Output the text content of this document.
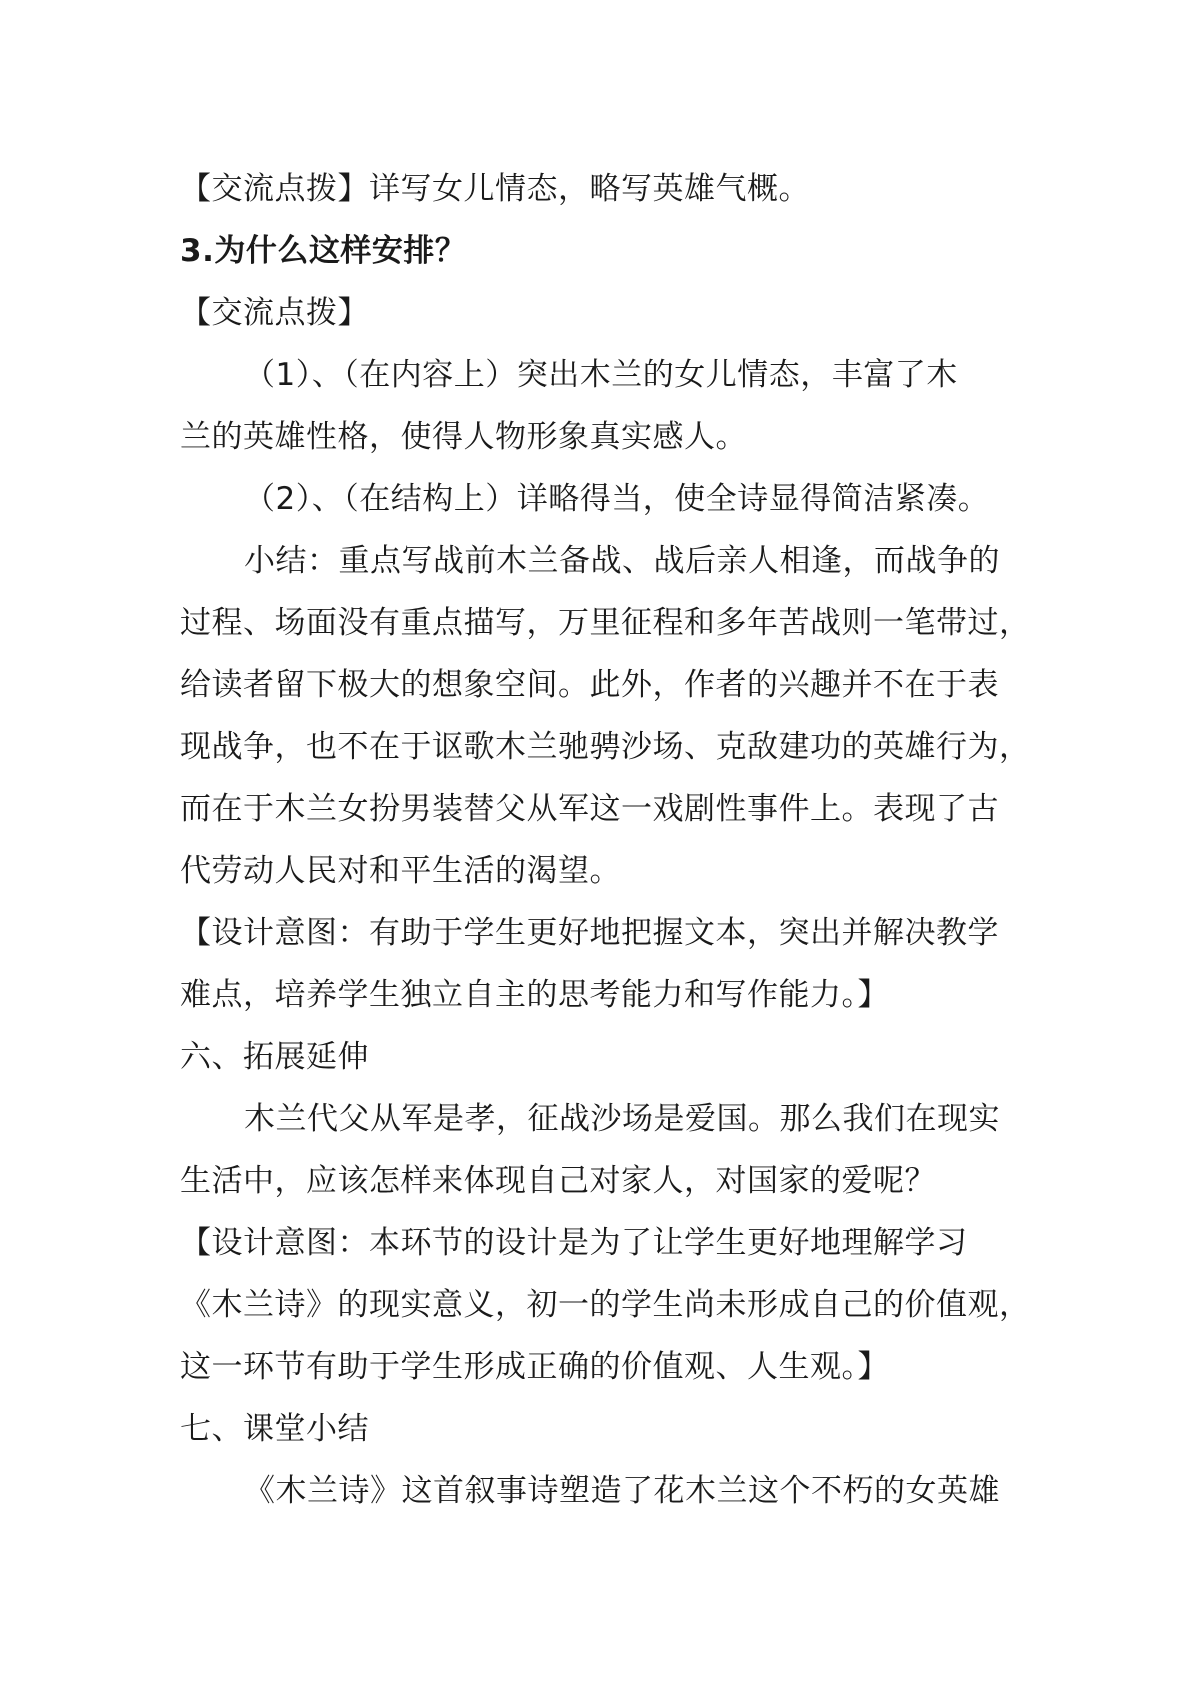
【交流点拨】详写女儿情态，略写英雄气概。
3.为什么这样安排？
【交流点拨】
（1）、（在内容上）突出木兰的女儿情态，丰富了木
兰的英雄性格，使得人物形象真实感人。
（2）、（在结构上）详略得当，使全诗显得简洁紧凑。
小结：重点写战前木兰备战、战后亲人相逢，而战争的
过程、场面没有重点描写，万里征程和多年苦战则一笔带过，
给读者留下极大的想象空间。此外，作者的兴趣并不在于表
现战争，也不在于讴歌木兰驰骋沙场、克敌建功的英雄行为，
而在于木兰女扮男装替父从军这一戏剧性事件上。表现了古
代劳动人民对和平生活的渴望。
【设计意图：有助于学生更好地把握文本，突出并解决教学
难点，培养学生独立自主的思考能力和写作能力。】
六、拓展延伸
木兰代父从军是孝，征战沙场是爱国。那么我们在现实
生活中，应该怎样来体现自己对家人，对国家的爱呢？
【设计意图：本环节的设计是为了让学生更好地理解学习
《木兰诗》的现实意义，初一的学生尚未形成自己的价值观，
这一环节有助于学生形成正确的价值观、人生观。】
七、课堂小结
《木兰诗》这首叙事诗塑造了花木兰这个不朽的女英雄
